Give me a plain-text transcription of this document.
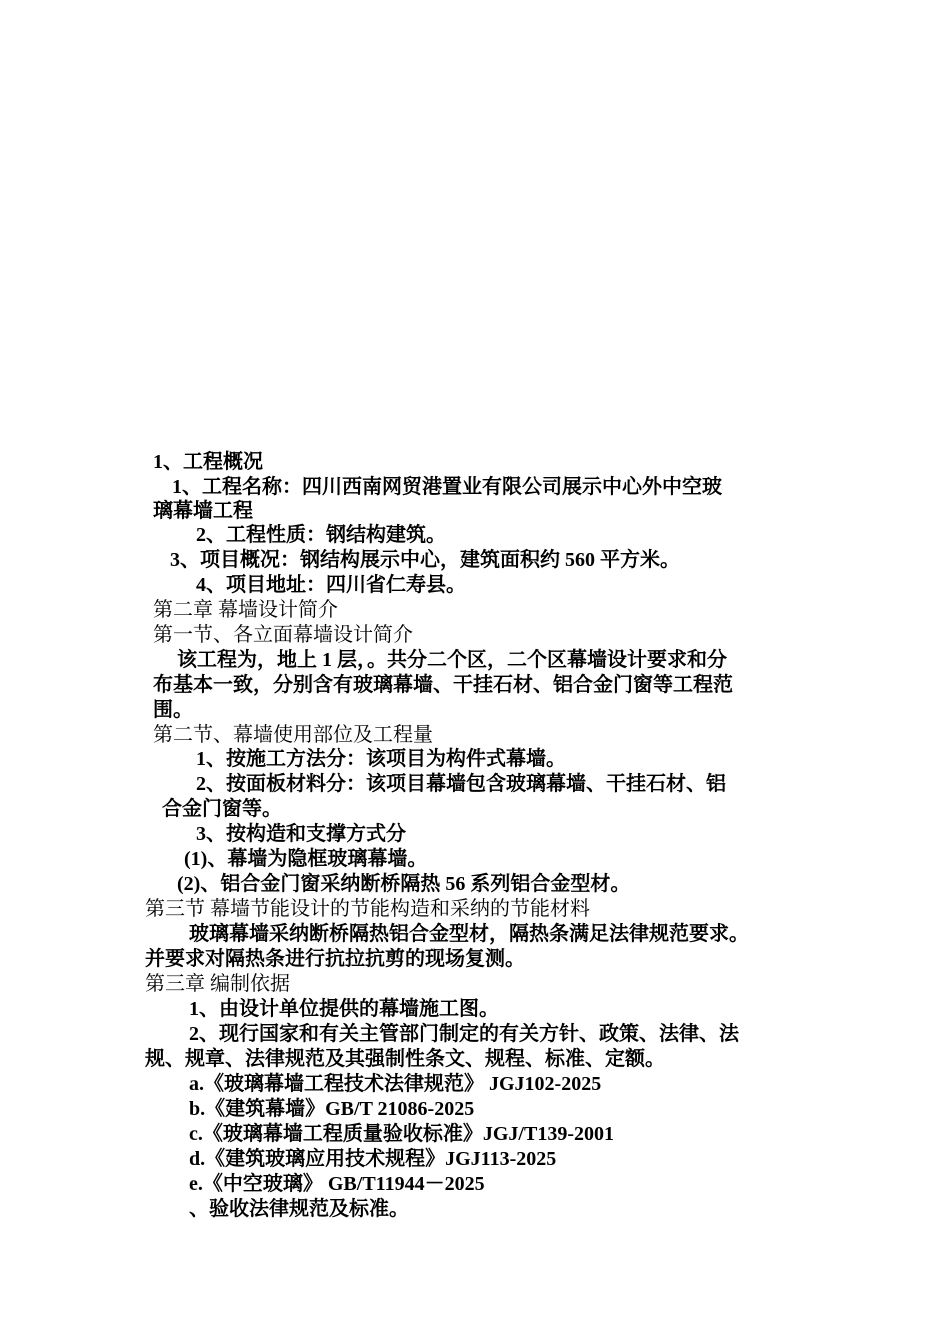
1、工程概况
1、工程名称：四川西南网贸港置业有限公司展示中心外中空玻
璃幕墙工程
2、工程性质：钢结构建筑。
3、项目概况：钢结构展示中心，建筑面积约 560 平方米。
4、项目地址：四川省仁寿县。
第二章 幕墙设计简介
第一节、各立面幕墙设计简介
该工程为，地上 1 层，。共分二个区，二个区幕墙设计要求和分
布基本一致，分别含有玻璃幕墙、干挂石材、铝合金门窗等工程范
围。
第二节、幕墙使用部位及工程量
1、按施工方法分：该项目为构件式幕墙。
2、按面板材料分：该项目幕墙包含玻璃幕墙、干挂石材、铝
合金门窗等。
3、按构造和支撑方式分
(1)、幕墙为隐框玻璃幕墙。
(2)、铝合金门窗采纳断桥隔热 56 系列铝合金型材。
第三节 幕墙节能设计的节能构造和采纳的节能材料
玻璃幕墙采纳断桥隔热铝合金型材，隔热条满足法律规范要求。
并要求对隔热条进行抗拉抗剪的现场复测。
第三章 编制依据
1、由设计单位提供的幕墙施工图。
2、现行国家和有关主管部门制定的有关方针、政策、法律、法
规、规章、法律规范及其强制性条文、规程、标准、定额。
a.《玻璃幕墙工程技术法律规范》 JGJ102-2025
b.《建筑幕墙》GB/T 21086-2025
c.《玻璃幕墙工程质量验收标准》JGJ/T139-2001
d.《建筑玻璃应用技术规程》JGJ113-2025
e.《中空玻璃》 GB/T11944－2025
、验收法律规范及标准。
